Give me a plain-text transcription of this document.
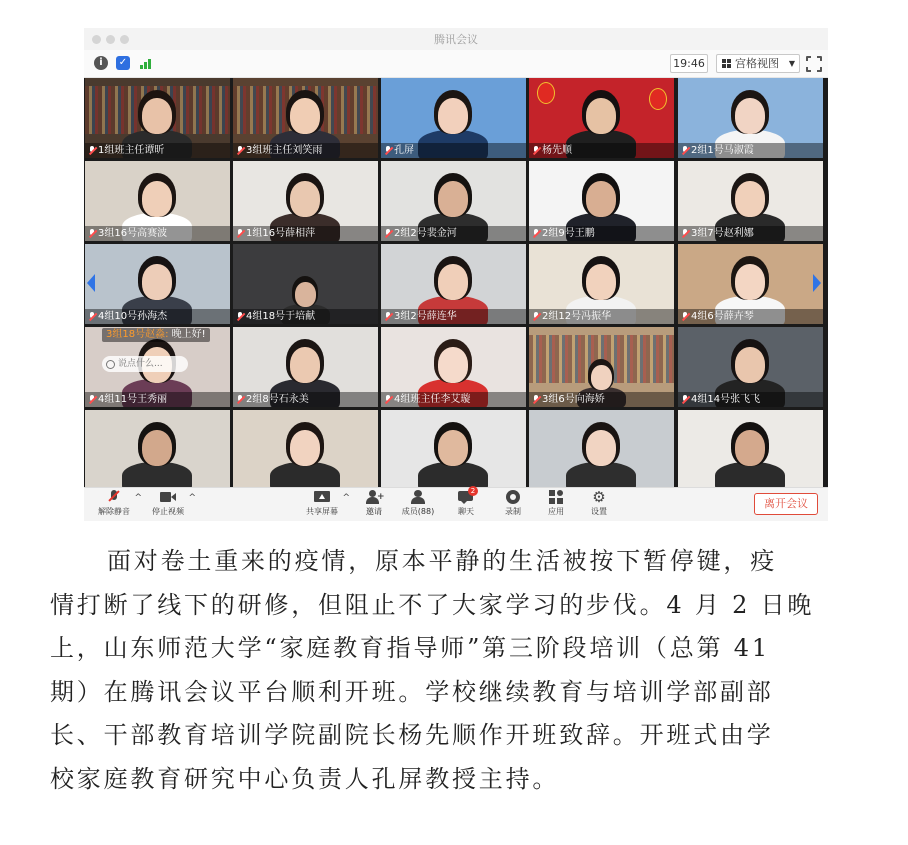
腾讯会议
i	✓	19:46	宫格视图 ▼
1组班主任谭昕	3组班主任刘笑雨	孔屏	杨先顺	2组1号马淑霞
3组16号高赛波	1组16号薛相萍	2组2号裴金河	2组9号王鹏	3组7号赵利娜
4组10号孙海杰	4组18号于培献	3组2号薛连华	2组12号冯振华	4组6号薛卉琴
4组11号王秀丽	2组8号石永美	4组班主任李艾璇	3组6号向海娇	4组14号张飞飞
3组18号赵淼: 晚上好!
说点什么...
解除静音
^
停止视频
^
共享屏幕
^	+
邀请	成员(88)
2
聊天	录制	应用
⚙
设置
离开会议
面对卷土重来的疫情，原本平静的生活被按下暂停键，疫
情打断了线下的研修，但阻止不了大家学习的步伐。4 月 2 日晚
上，山东师范大学“家庭教育指导师”第三阶段培训（总第 41
期）在腾讯会议平台顺利开班。学校继续教育与培训学部副部
长、干部教育培训学院副院长杨先顺作开班致辞。开班式由学
校家庭教育研究中心负责人孔屏教授主持。
